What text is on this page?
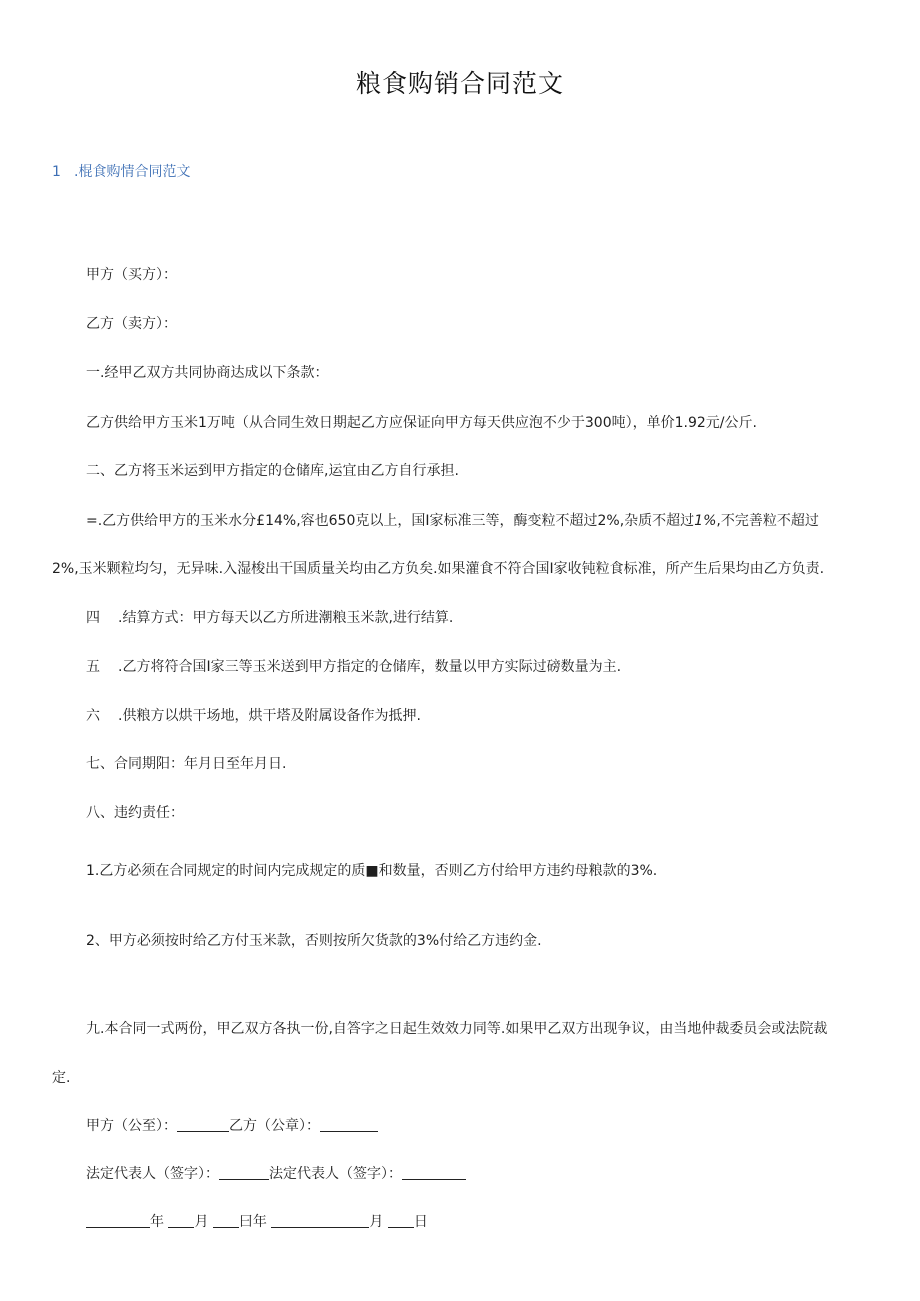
粮食购销合同范文
1 .棍食购情合同范文
甲方（买方）：
乙方（卖方）：
一.经甲乙双方共同协商达成以下条款：
乙方供给甲方玉米1万吨（从合同生效日期起乙方应保证向甲方每天供应泡不少于300吨），单价1.92元/公斤.
二、乙方将玉米运到甲方指定的仓储库,运宜由乙方自行承担.
=.乙方供给甲方的玉米水分£14%,容也650克以上，国I家标准三等，酶变粒不超过2%,杂质不超过1%,不完善粒不超过
2%,玉米颗粒均匀，无异味.入湿梭出干国质量关均由乙方负矣.如果灌食不符合国I家收钝粒食标准，所产生后果均由乙方负责.
四 .结算方式：甲方每天以乙方所进潮粮玉米款,进行结算.
五 .乙方将符合国I家三等玉米送到甲方指定的仓储库，数量以甲方实际过磅数量为主.
六 .供粮方以烘干场地，烘干塔及附属设备作为抵押.
七、合同期阳：年月日至年月日.
八、违约责任：
1.乙方必须在合同规定的时间内完成规定的质■和数量，否则乙方付给甲方违约母粮款的3%.
2、甲方必须按时给乙方付玉米款，否则按所欠货款的3%付给乙方违约金.
九.本合同一式两份，甲乙双方各执一份,自答字之日起生效效力同等.如果甲乙双方出现争议，由当地仲裁委员会或法院裁
定.
甲方（公至）：	乙方（公章）：
法定代表人（签字）：	法定代表人（签字）：
年 月 曰年	月 日
